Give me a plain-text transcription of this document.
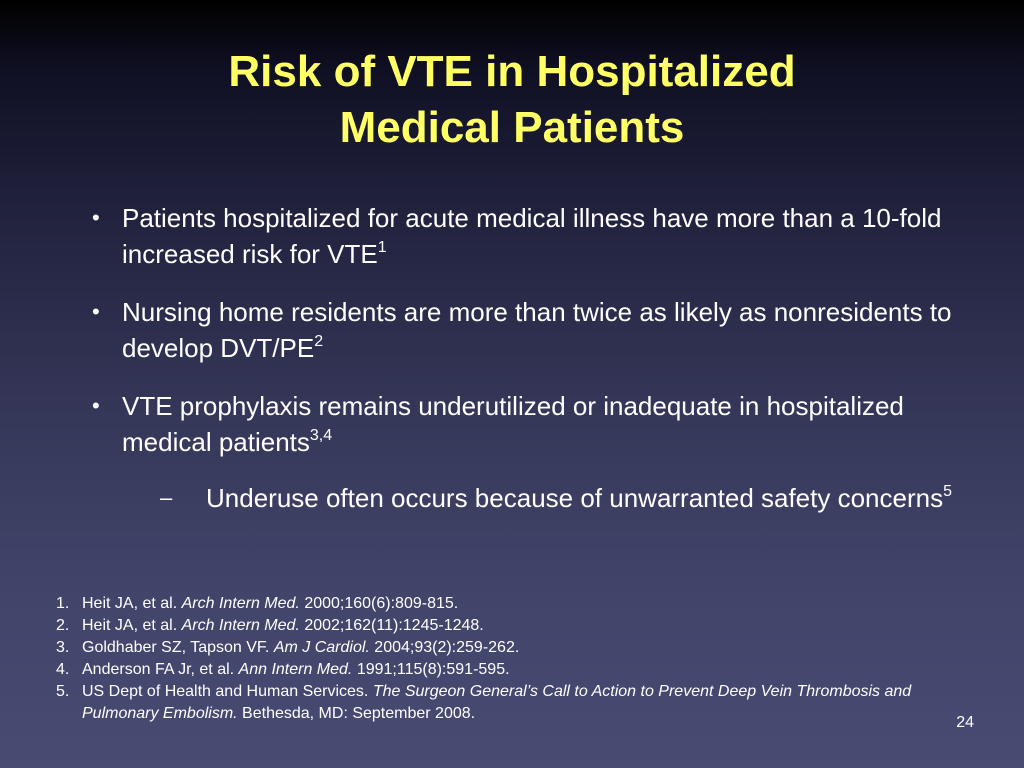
Risk of VTE in Hospitalized
Medical Patients
• Patients hospitalized for acute medical illness have more than a 10-fold increased risk for VTE$^1$
• Nursing home residents are more than twice as likely as nonresidents to develop DVT/$PE^2$
• VTE prophylaxis remains underutilized or inadequate in hospitalized medical patients$^{3,4}$
– Underuse often occurs because of unwarranted safety concerns$^5$
1. Heit JA, et al. Arch Intern Med. 2000;160(6):809-815.
2. Heit JA, et al. Arch Intern Med. 2002;162(11):1245-1248.
3. Goldhaber SZ, Tapson VF. Am J Cardiol. 2004;93(2):259-262.
4. Anderson FA Jr, et al. Ann Intern Med. 1991;115(8):591-595.
5. US Dept of Health and Human Services. The Surgeon General’s Call to Action to Prevent Deep Vein Thrombosis and Pulmonary Embolism. Bethesda, MD: September 2008.
24
